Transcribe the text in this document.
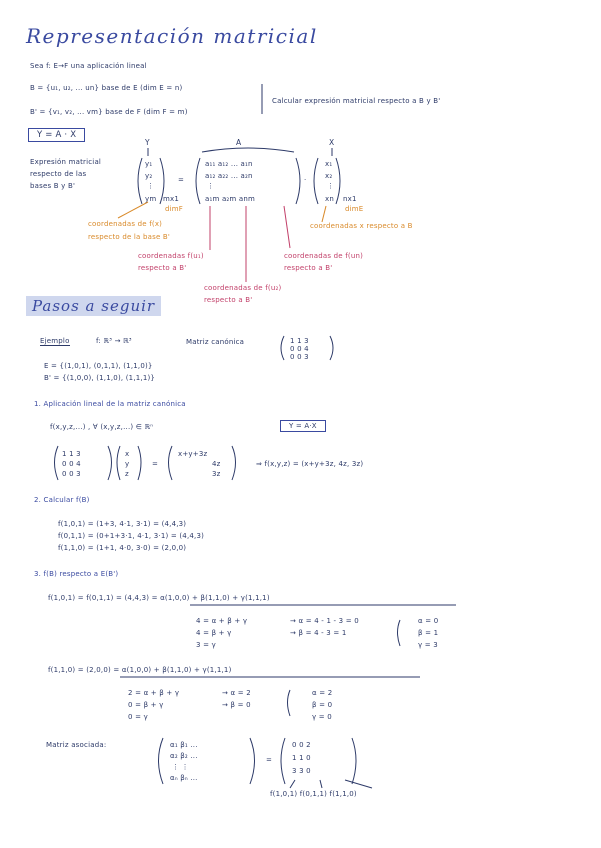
Representación matricial
Sea f: E→F una aplicación lineal
B = {u₁, u₂, ... un} base de E (dim E = n)
B' = {v₁, v₂, ... vm} base de F (dim F = m)
Calcular expresión matricial respecto a B y B'
Y = A · X
Expresión matricial
respecto de las
bases B y B'
Y	A	X
y₁
y₂
⋮
ym mx1
dimF
=
a₁₁ a₁₂ ... a₁n
a₁₂ a₂₂ ... a₂n
⋮
a₁m a₂m anm
·
x₁
x₂
⋮
xn nx1
dimE
coordenadas de f(x)
respecto de la base B'
coordenadas x respecto a B
coordenadas f(u₁)
respecto a B'
coordenadas de f(un)
respecto a B'
coordenadas de f(u₂)
respecto a B'
Pasos a seguir
Ejemplo	f: ℝ³ → ℝ³	Matriz canónica	1 1 3
0 0 4
0 0 3
E = {(1,0,1), (0,1,1), (1,1,0)}
B' = {(1,0,0), (1,1,0), (1,1,1)}
1. Aplicación lineal de la matriz canónica
f(x,y,z,...) , ∀ (x,y,z,...) ∈ ℝⁿ	Y = A·X
1 1 3
0 0 4
0 0 3
x
y
z
=
x+y+3z
4z
3z
⇒ f(x,y,z) = (x+y+3z, 4z, 3z)
2. Calcular f(B)
f(1,0,1) = (1+3, 4·1, 3·1) = (4,4,3)
f(0,1,1) = (0+1+3·1, 4·1, 3·1) = (4,4,3)
f(1,1,0) = (1+1, 4·0, 3·0) = (2,0,0)
3. f(B) respecto a E(B')
f(1,0,1) = f(0,1,1) = (4,4,3) = α(1,0,0) + β(1,1,0) + γ(1,1,1)
4 = α + β + γ
4 = β + γ
3 = γ
→ α = 4 - 1 - 3 = 0
→ β = 4 - 3 = 1
α = 0
β = 1
γ = 3
f(1,1,0) = (2,0,0) = α(1,0,0) + β(1,1,0) + γ(1,1,1)
2 = α + β + γ
0 = β + γ
0 = γ
→ α = 2
→ β = 0
α = 2
β = 0
γ = 0
Matriz asociada:	α₁ β₁ ...
α₂ β₂ ...
⋮ ⋮
αₙ βₙ ...
=
0 0 2
1 1 0
3 3 0
f(1,0,1) f(0,1,1) f(1,1,0)
